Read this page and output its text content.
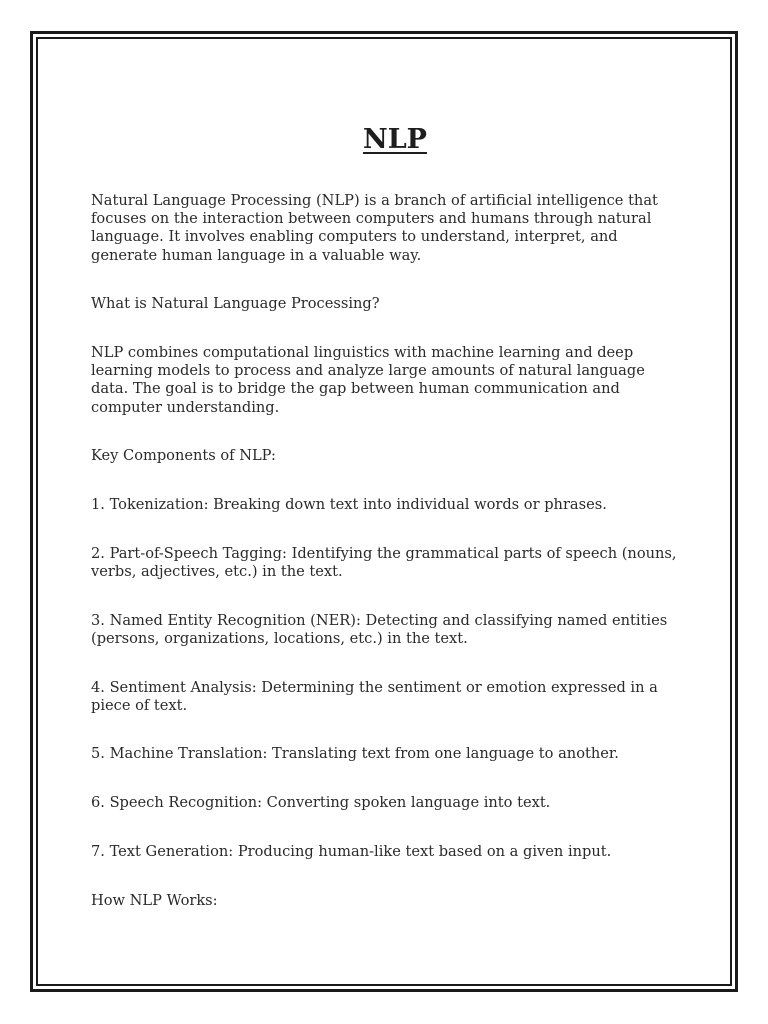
NLP

Natural Language Processing (NLP) is a branch of artificial intelligence that focuses on the interaction between computers and humans through natural language. It involves enabling computers to understand, interpret, and generate human language in a valuable way.

What is Natural Language Processing?

NLP combines computational linguistics with machine learning and deep learning models to process and analyze large amounts of natural language data. The goal is to bridge the gap between human communication and computer understanding.

Key Components of NLP:

1. Tokenization: Breaking down text into individual words or phrases.

2. Part-of-Speech Tagging: Identifying the grammatical parts of speech (nouns, verbs, adjectives, etc.) in the text.

3. Named Entity Recognition (NER): Detecting and classifying named entities (persons, organizations, locations, etc.) in the text.

4. Sentiment Analysis: Determining the sentiment or emotion expressed in a piece of text.

5. Machine Translation: Translating text from one language to another.

6. Speech Recognition: Converting spoken language into text.

7. Text Generation: Producing human-like text based on a given input.

How NLP Works:
